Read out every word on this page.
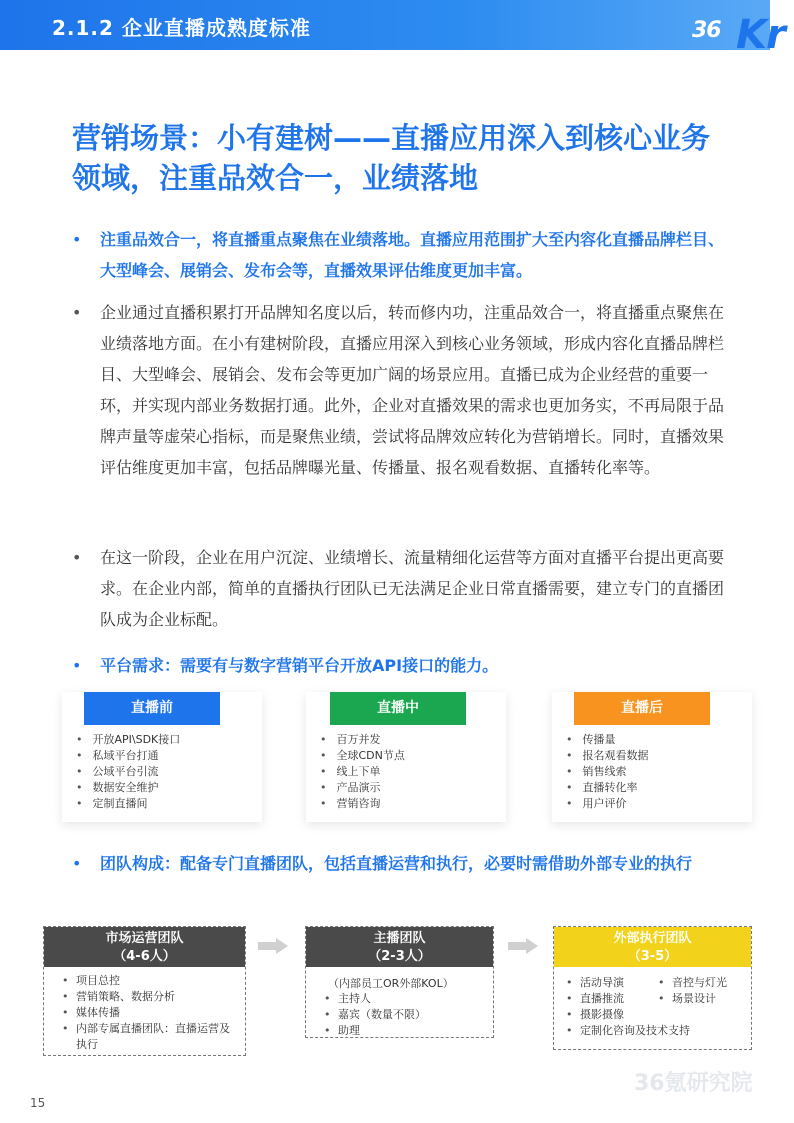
2.1.2 企业直播成熟度标准	36 Kr
营销场景：小有建树——直播应用深入到核心业务领域，注重品效合一，业绩落地
•	注重品效合一，将直播重点聚焦在业绩落地。直播应用范围扩大至内容化直播品牌栏目、大型峰会、展销会、发布会等，直播效果评估维度更加丰富。
•	企业通过直播积累打开品牌知名度以后，转而修内功，注重品效合一，将直播重点聚焦在业绩落地方面。在小有建树阶段，直播应用深入到核心业务领域，形成内容化直播品牌栏目、大型峰会、展销会、发布会等更加广阔的场景应用。直播已成为企业经营的重要一环，并实现内部业务数据打通。此外，企业对直播效果的需求也更加务实，不再局限于品牌声量等虚荣心指标，而是聚焦业绩，尝试将品牌效应转化为营销增长。同时，直播效果评估维度更加丰富，包括品牌曝光量、传播量、报名观看数据、直播转化率等。
•	在这一阶段，企业在用户沉淀、业绩增长、流量精细化运营等方面对直播平台提出更高要求。在企业内部，简单的直播执行团队已无法满足企业日常直播需要，建立专门的直播团队成为企业标配。
•	平台需求：需要有与数字营销平台开放API接口的能力。
直播前
• 开放API\SDK接口
• 私域平台打通
• 公域平台引流
• 数据安全维护
• 定制直播间
直播中
• 百万并发
• 全球CDN节点
• 线上下单
• 产品演示
• 营销咨询
直播后
• 传播量
• 报名观看数据
• 销售线索
• 直播转化率
• 用户评价
•	团队构成：配备专门直播团队，包括直播运营和执行，必要时需借助外部专业的执行
市场运营团队
（4-6人）
• 项目总控
• 营销策略、数据分析
• 媒体传播
• 内部专属直播团队：直播运营及执行
主播团队
（2-3人）
（内部员工OR外部KOL）
• 主持人
• 嘉宾（数量不限）
• 助理
外部执行团队
（3-5）
• 活动导演
• 直播推流
• 摄影摄像
• 音控与灯光
• 场景设计
• 定制化咨询及技术支持
36氪研究院
15
